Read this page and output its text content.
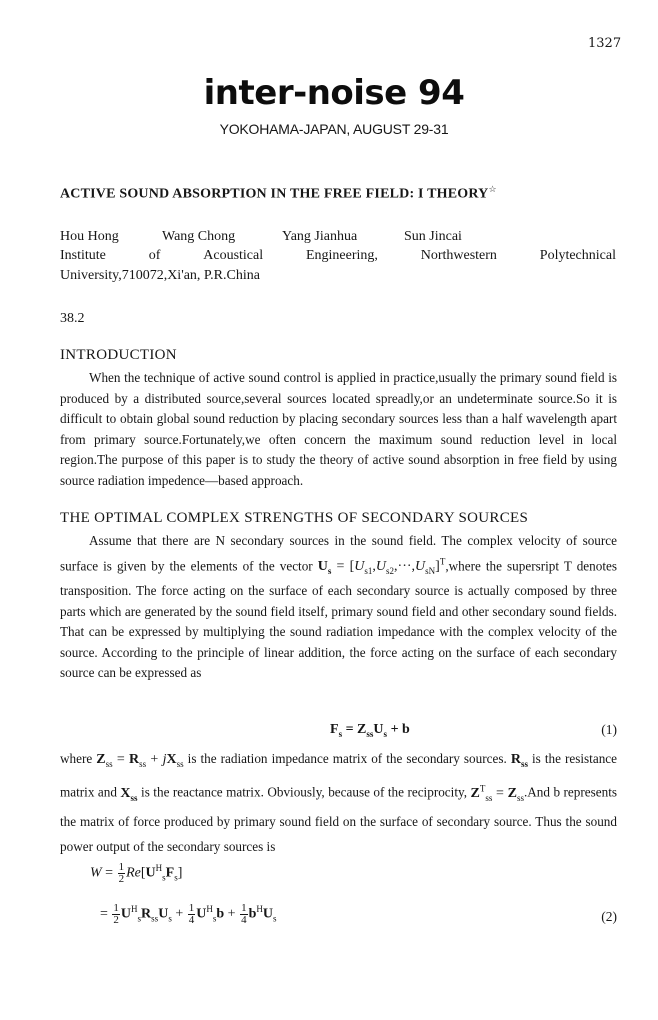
1327
inter-noise 94
YOKOHAMA-JAPAN, AUGUST 29-31
ACTIVE SOUND ABSORPTION IN THE FREE FIELD: I THEORY☆
Hou Hong	Wang Chong	Yang Jianhua	Sun Jincai
Institute	of	Acoustical	Engineering,	Northwestern	Polytechnical
University,710072,Xi'an, P.R.China
38.2
INTRODUCTION
When the technique of active sound control is applied in practice,usually the primary sound field is produced by a distributed source,several sources located spreadly,or an undeterminate source.So it is difficult to obtain global sound reduction by placing secondary sources less than a half wavelength apart from primary source.Fortunately,we often concern the maximum sound reduction level in local region.The purpose of this paper is to study the theory of active sound absorption in free field by using source radiation impedence—based approach.
THE OPTIMAL COMPLEX STRENGTHS OF SECONDARY SOURCES
Assume that there are N secondary sources in the sound field. The complex velocity of source surface is given by the elements of the vector $U_s$ = $[U_{s1},U_{s2},\cdot\cdot\cdot,U_{sN}]^T,where$ the supersript T denotes transposition. The force acting on the surface of each secondary source is actually composed by three parts which are generated by the sound field itself, primary sound field and other secondary sound fields. That can be expressed by multiplying the sound radiation impedance with the complex velocity of the source. According to the principle of linear addition, the force acting on the surface of each secondary source can be expressed as
$F_s = Z_{ss}U_s + b$	(1)
where $Z_{ss} = R_{ss} + jX_{ss}$ is the radiation impedance matrix of the secondary sources. $R_{ss}$ is the resistance matrix and $X_{ss}$ is the reactance matrix. Obviously, because of the reciprocity, $Z^T_{ss} = Z_{ss}.And$ b represents the matrix of force produced by primary sound field on the surface of secondary source. Thus the sound power output of the secondary sources is
$W = \frac{1}{2} Re[U^H_sF_s]$
= $\frac{1}{2} U^H_sR_{ss}U_s + \frac{1}{4} U^H_sb + \frac{1}{4} b^HU_s$	(2)
